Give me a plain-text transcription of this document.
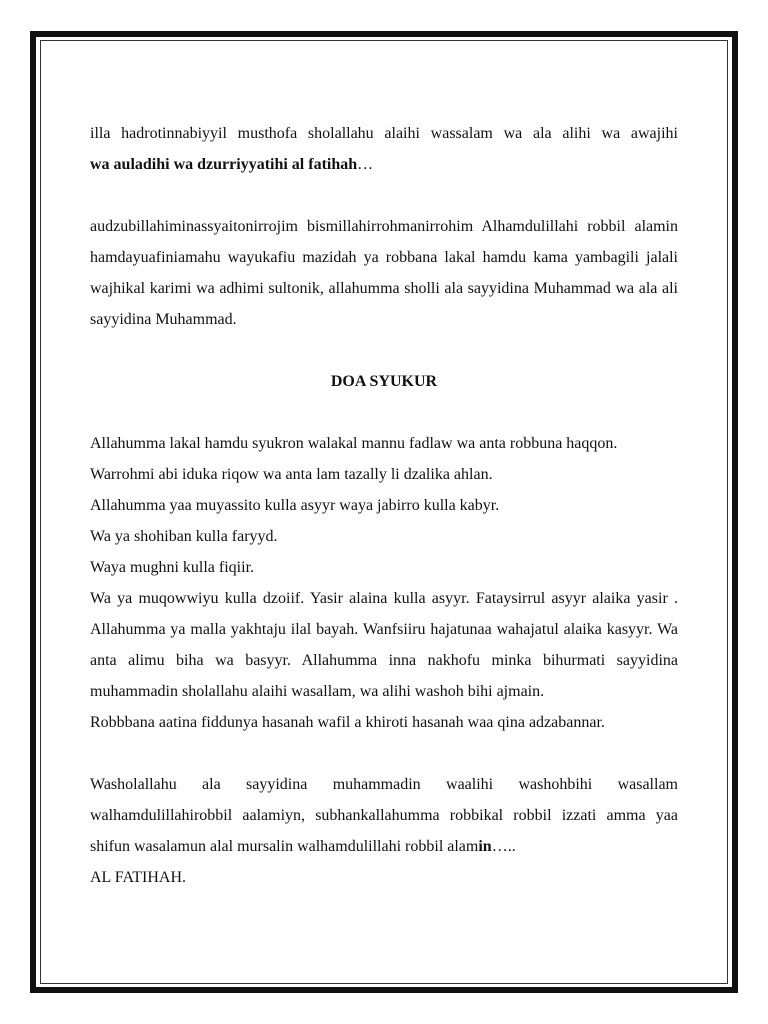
illa hadrotinnabiyyil musthofa sholallahu alaihi wassalam wa ala alihi wa awajihi

wa auladihi wa dzurriyyatihi al fatihah…

audzubillahiminassyaitonirrojim bismillahirrohmanirrohim Alhamdulillahi robbil alamin hamdayuafiniamahu wayukafiu mazidah ya robbana lakal hamdu kama yambagili jalali wajhikal karimi wa adhimi sultonik, allahumma sholli ala sayyidina Muhammad wa ala ali sayyidina Muhammad.

DOA SYUKUR

Allahumma lakal hamdu syukron walakal mannu fadlaw wa anta robbuna haqqon.

Warrohmi abi iduka riqow wa anta lam tazally li dzalika ahlan.

Allahumma yaa muyassito kulla asyyr waya jabirro kulla kabyr.

Wa ya shohiban kulla faryyd.

Waya mughni kulla fiqiir.

Wa ya muqowwiyu kulla dzoiif. Yasir alaina kulla asyyr. Fataysirrul asyyr alaika yasir . Allahumma ya malla yakhtaju ilal bayah. Wanfsiiru hajatunaa wahajatul alaika kasyyr. Wa anta alimu biha wa basyyr. Allahumma inna nakhofu minka bihurmati sayyidina muhammadin sholallahu alaihi wasallam, wa alihi washoh bihi ajmain.

Robbbana aatina fiddunya hasanah wafil a khiroti hasanah waa qina adzabannar.

Washolallahu ala sayyidina muhammadin waalihi washohbihi wasallam walhamdulillahirobbil aalamiyn, subhankallahumma robbikal robbil izzati amma yaa shifun wasalamun alal mursalin walhamdulillahi robbil alamin…..

AL FATIHAH.
